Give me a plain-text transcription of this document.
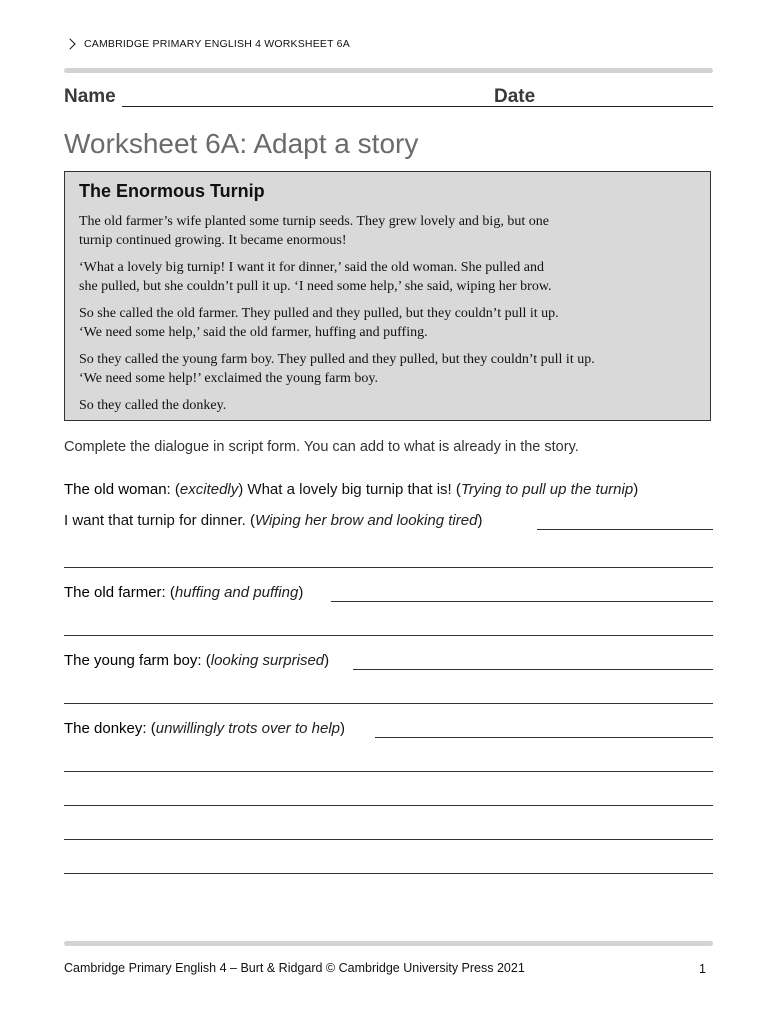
CAMBRIDGE PRIMARY ENGLISH 4 WORKSHEET 6A
Name	Date
Worksheet 6A: Adapt a story
The Enormous Turnip
The old farmer’s wife planted some turnip seeds. They grew lovely and big, but one
turnip continued growing. It became enormous!
‘What a lovely big turnip! I want it for dinner,’ said the old woman. She pulled and
she pulled, but she couldn’t pull it up. ‘I need some help,’ she said, wiping her brow.
So she called the old farmer. They pulled and they pulled, but they couldn’t pull it up.
‘We need some help,’ said the old farmer, huffing and puffing.
So they called the young farm boy. They pulled and they pulled, but they couldn’t pull it up.
‘We need some help!’ exclaimed the young farm boy.
So they called the donkey.
Complete the dialogue in script form. You can add to what is already in the story.
The old woman: (excitedly) What a lovely big turnip that is! (Trying to pull up the turnip)
I want that turnip for dinner. (Wiping her brow and looking tired)
The old farmer: (huffing and puffing)
The young farm boy: (looking surprised)
The donkey: (unwillingly trots over to help)
Cambridge Primary English 4 – Burt & Ridgard © Cambridge University Press 2021	1
